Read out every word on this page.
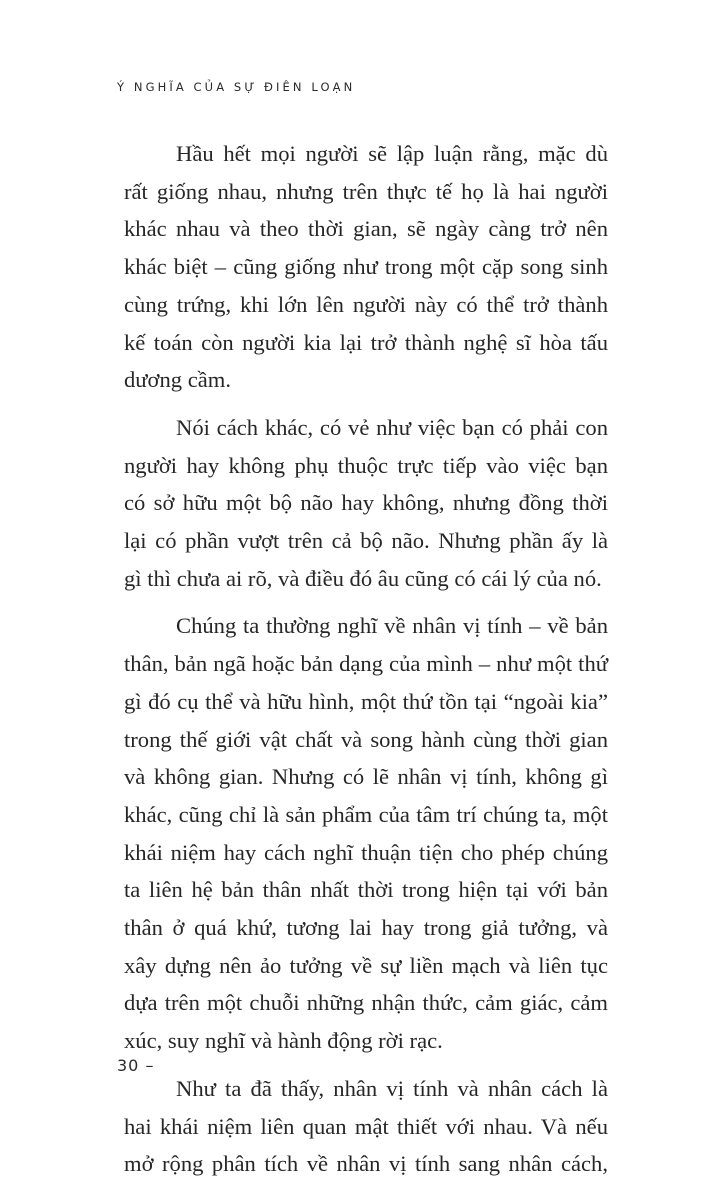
Ý NGHĨA CỦA SỰ ĐIÊN LOẠN
Hầu hết mọi người sẽ lập luận rằng, mặc dù
rất giống nhau, nhưng trên thực tế họ là hai người
khác nhau và theo thời gian, sẽ ngày càng trở nên
khác biệt – cũng giống như trong một cặp song sinh
cùng trứng, khi lớn lên người này có thể trở thành
kế toán còn người kia lại trở thành nghệ sĩ hòa tấu
dương cầm.
Nói cách khác, có vẻ như việc bạn có phải con
người hay không phụ thuộc trực tiếp vào việc bạn
có sở hữu một bộ não hay không, nhưng đồng thời
lại có phần vượt trên cả bộ não. Nhưng phần ấy là
gì thì chưa ai rõ, và điều đó âu cũng có cái lý của nó.
Chúng ta thường nghĩ về nhân vị tính – về bản
thân, bản ngã hoặc bản dạng của mình – như một thứ
gì đó cụ thể và hữu hình, một thứ tồn tại “ngoài kia”
trong thế giới vật chất và song hành cùng thời gian
và không gian. Nhưng có lẽ nhân vị tính, không gì
khác, cũng chỉ là sản phẩm của tâm trí chúng ta, một
khái niệm hay cách nghĩ thuận tiện cho phép chúng
ta liên hệ bản thân nhất thời trong hiện tại với bản
thân ở quá khứ, tương lai hay trong giả tưởng, và
xây dựng nên ảo tưởng về sự liền mạch và liên tục
dựa trên một chuỗi những nhận thức, cảm giác, cảm
xúc, suy nghĩ và hành động rời rạc.
Như ta đã thấy, nhân vị tính và nhân cách là
hai khái niệm liên quan mật thiết với nhau. Và nếu
mở rộng phân tích về nhân vị tính sang nhân cách,
30 –
